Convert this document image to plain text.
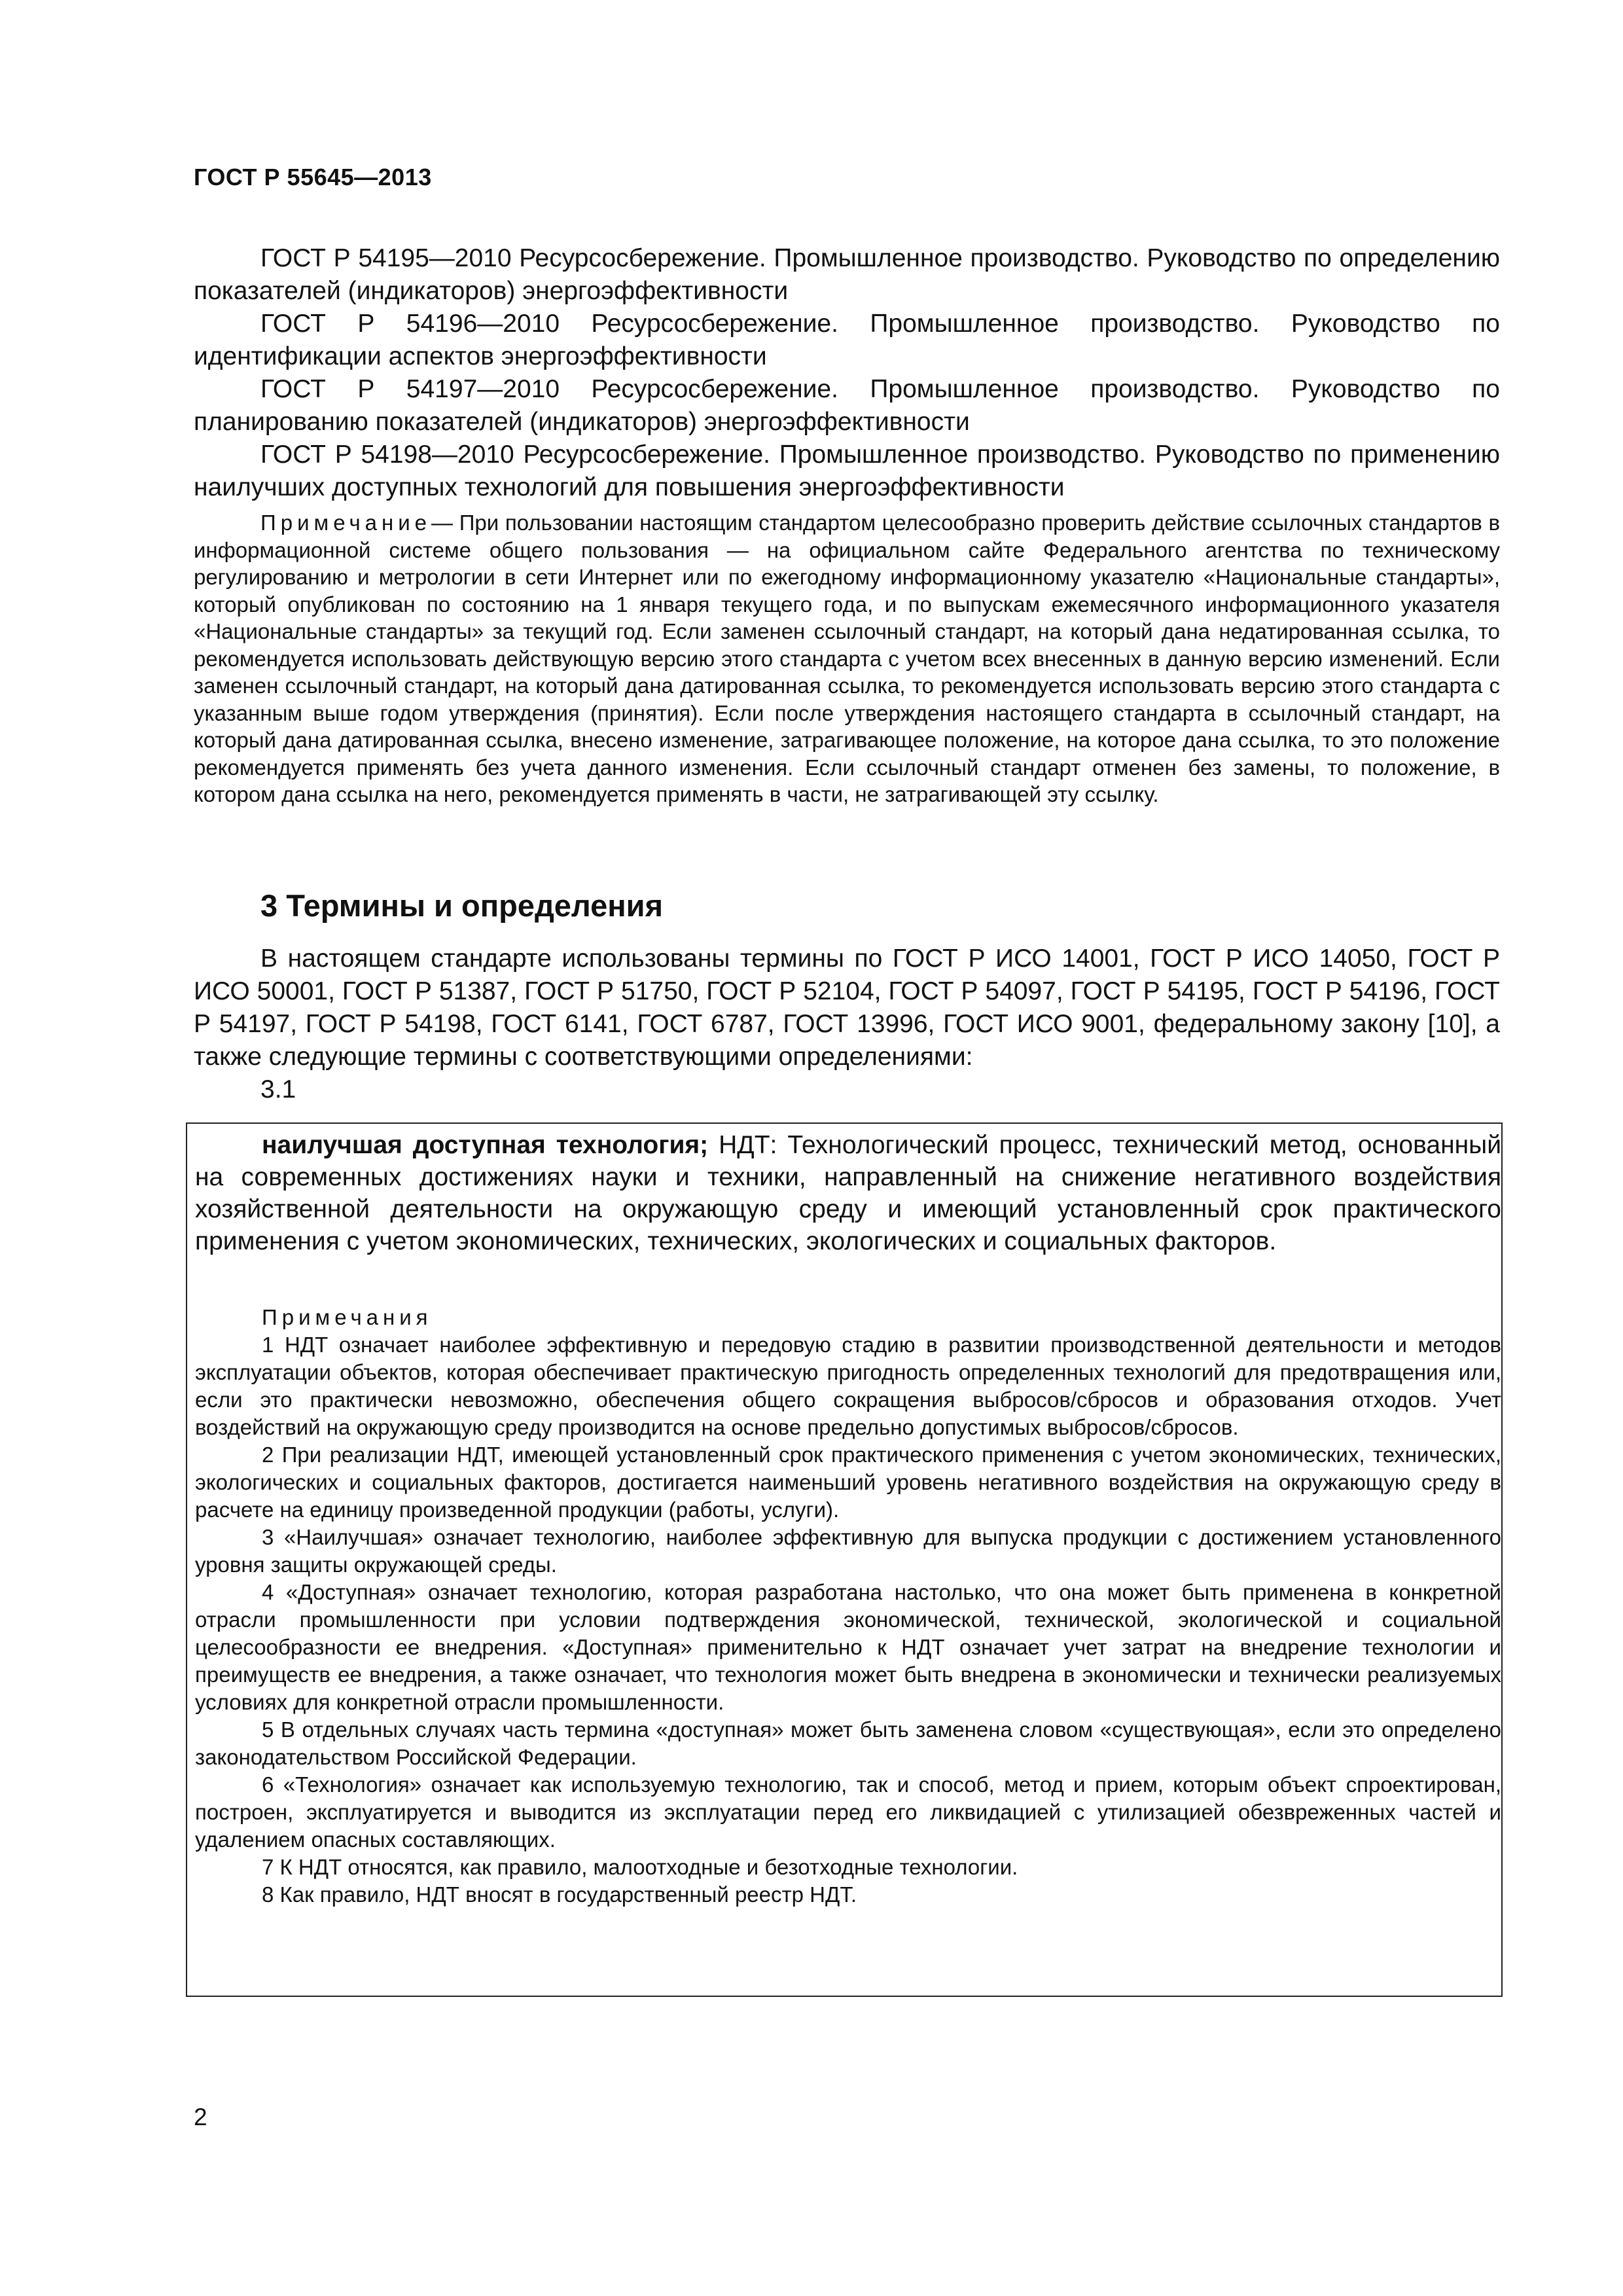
ГОСТ Р 55645—2013

ГОСТ Р 54195—2010 Ресурсосбережение. Промышленное производство. Руководство по определению показателей (индикаторов) энергоэффективности

ГОСТ Р 54196—2010 Ресурсосбережение. Промышленное производство. Руководство по идентификации аспектов энергоэффективности

ГОСТ Р 54197—2010 Ресурсосбережение. Промышленное производство. Руководство по планированию показателей (индикаторов) энергоэффективности

ГОСТ Р 54198—2010 Ресурсосбережение. Промышленное производство. Руководство по применению наилучших доступных технологий для повышения энергоэффективности

Примечание— При пользовании настоящим стандартом целесообразно проверить действие ссылочных стандартов в информационной системе общего пользования — на официальном сайте Федерального агентства по техническому регулированию и метрологии в сети Интернет или по ежегодному информационному указателю «Национальные стандарты», который опубликован по состоянию на 1 января текущего года, и по выпускам ежемесячного информационного указателя «Национальные стандарты» за текущий год. Если заменен ссылочный стандарт, на который дана недатированная ссылка, то рекомендуется использовать действующую версию этого стандарта с учетом всех внесенных в данную версию изменений. Если заменен ссылочный стандарт, на который дана датированная ссылка, то рекомендуется использовать версию этого стандарта с указанным выше годом утверждения (принятия). Если после утверждения настоящего стандарта в ссылочный стандарт, на который дана датированная ссылка, внесено изменение, затрагивающее положение, на которое дана ссылка, то это положение рекомендуется применять без учета данного изменения. Если ссылочный стандарт отменен без замены, то положение, в котором дана ссылка на него, рекомендуется применять в части, не затрагивающей эту ссылку.

3 Термины и определения

В настоящем стандарте использованы термины по ГОСТ Р ИСО 14001, ГОСТ Р ИСО 14050, ГОСТ Р ИСО 50001, ГОСТ Р 51387, ГОСТ Р 51750, ГОСТ Р 52104, ГОСТ Р 54097, ГОСТ Р 54195, ГОСТ Р 54196, ГОСТ Р 54197, ГОСТ Р 54198, ГОСТ 6141, ГОСТ 6787, ГОСТ 13996, ГОСТ ИСО 9001, федеральному закону [10], а также следующие термины с соответствующими определениями:

3.1

наилучшая доступная технология; НДТ: Технологический процесс, технический метод, основанный на современных достижениях науки и техники, направленный на снижение негативного воздействия хозяйственной деятельности на окружающую среду и имеющий установленный срок практического применения с учетом экономических, технических, экологических и социальных факторов.

Примечания

1 НДТ означает наиболее эффективную и передовую стадию в развитии производственной деятельности и методов эксплуатации объектов, которая обеспечивает практическую пригодность определенных технологий для предотвращения или, если это практически невозможно, обеспечения общего сокращения выбросов/сбросов и образования отходов. Учет воздействий на окружающую среду производится на основе предельно допустимых выбросов/сбросов.

2 При реализации НДТ, имеющей установленный срок практического применения с учетом экономических, технических, экологических и социальных факторов, достигается наименьший уровень негативного воздействия на окружающую среду в расчете на единицу произведенной продукции (работы, услуги).

3 «Наилучшая» означает технологию, наиболее эффективную для выпуска продукции с достижением установленного уровня защиты окружающей среды.

4 «Доступная» означает технологию, которая разработана настолько, что она может быть применена в конкретной отрасли промышленности при условии подтверждения экономической, технической, экологической и социальной целесообразности ее внедрения. «Доступная» применительно к НДТ означает учет затрат на внедрение технологии и преимуществ ее внедрения, а также означает, что технология может быть внедрена в экономически и технически реализуемых условиях для конкретной отрасли промышленности.

5 В отдельных случаях часть термина «доступная» может быть заменена словом «существующая», если это определено законодательством Российской Федерации.

6 «Технология» означает как используемую технологию, так и способ, метод и прием, которым объект спроектирован, построен, эксплуатируется и выводится из эксплуатации перед его ликвидацией с утилизацией обезвреженных частей и удалением опасных составляющих.

7 К НДТ относятся, как правило, малоотходные и безотходные технологии.

8 Как правило, НДТ вносят в государственный реестр НДТ.

2
